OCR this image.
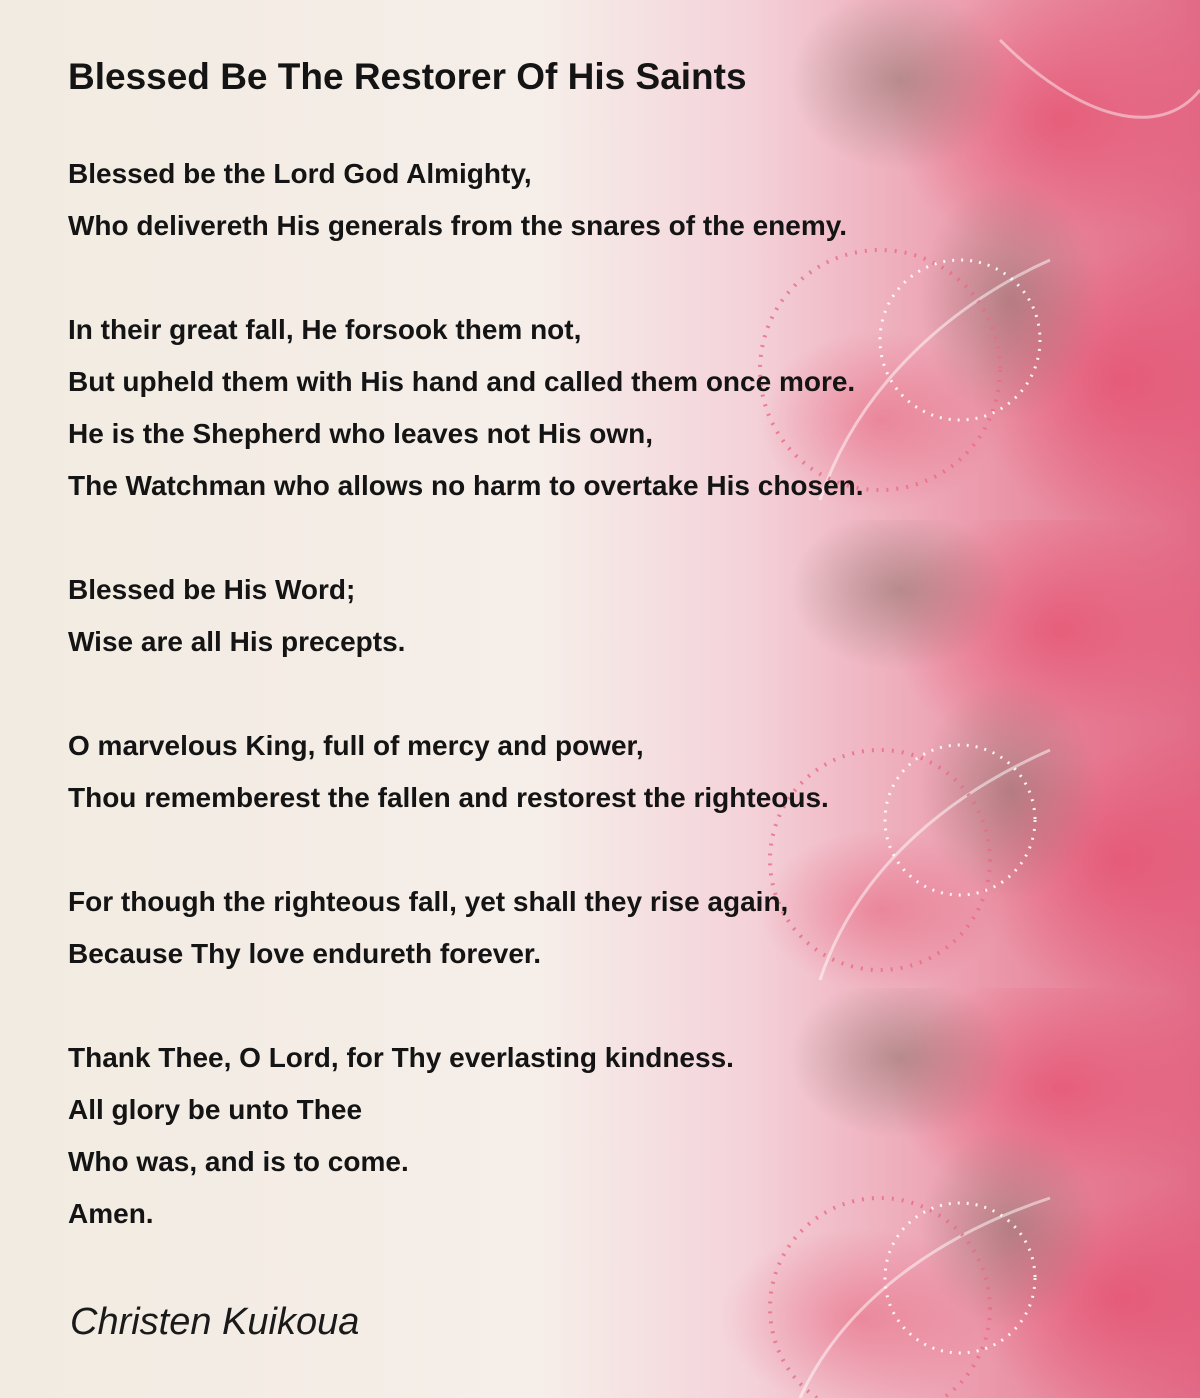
Blessed Be The Restorer Of His Saints
Blessed be the Lord God Almighty,
Who delivereth His generals from the snares of the enemy.
In their great fall, He forsook them not,
But upheld them with His hand and called them once more.
He is the Shepherd who leaves not His own,
The Watchman who allows no harm to overtake His chosen.
Blessed be His Word;
Wise are all His precepts.
O marvelous King, full of mercy and power,
Thou rememberest the fallen and restorest the righteous.
For though the righteous fall, yet shall they rise again,
Because Thy love endureth forever.
Thank Thee, O Lord, for Thy everlasting kindness.
All glory be unto Thee
Who was, and is to come.
Amen.

Christen Kuikoua
